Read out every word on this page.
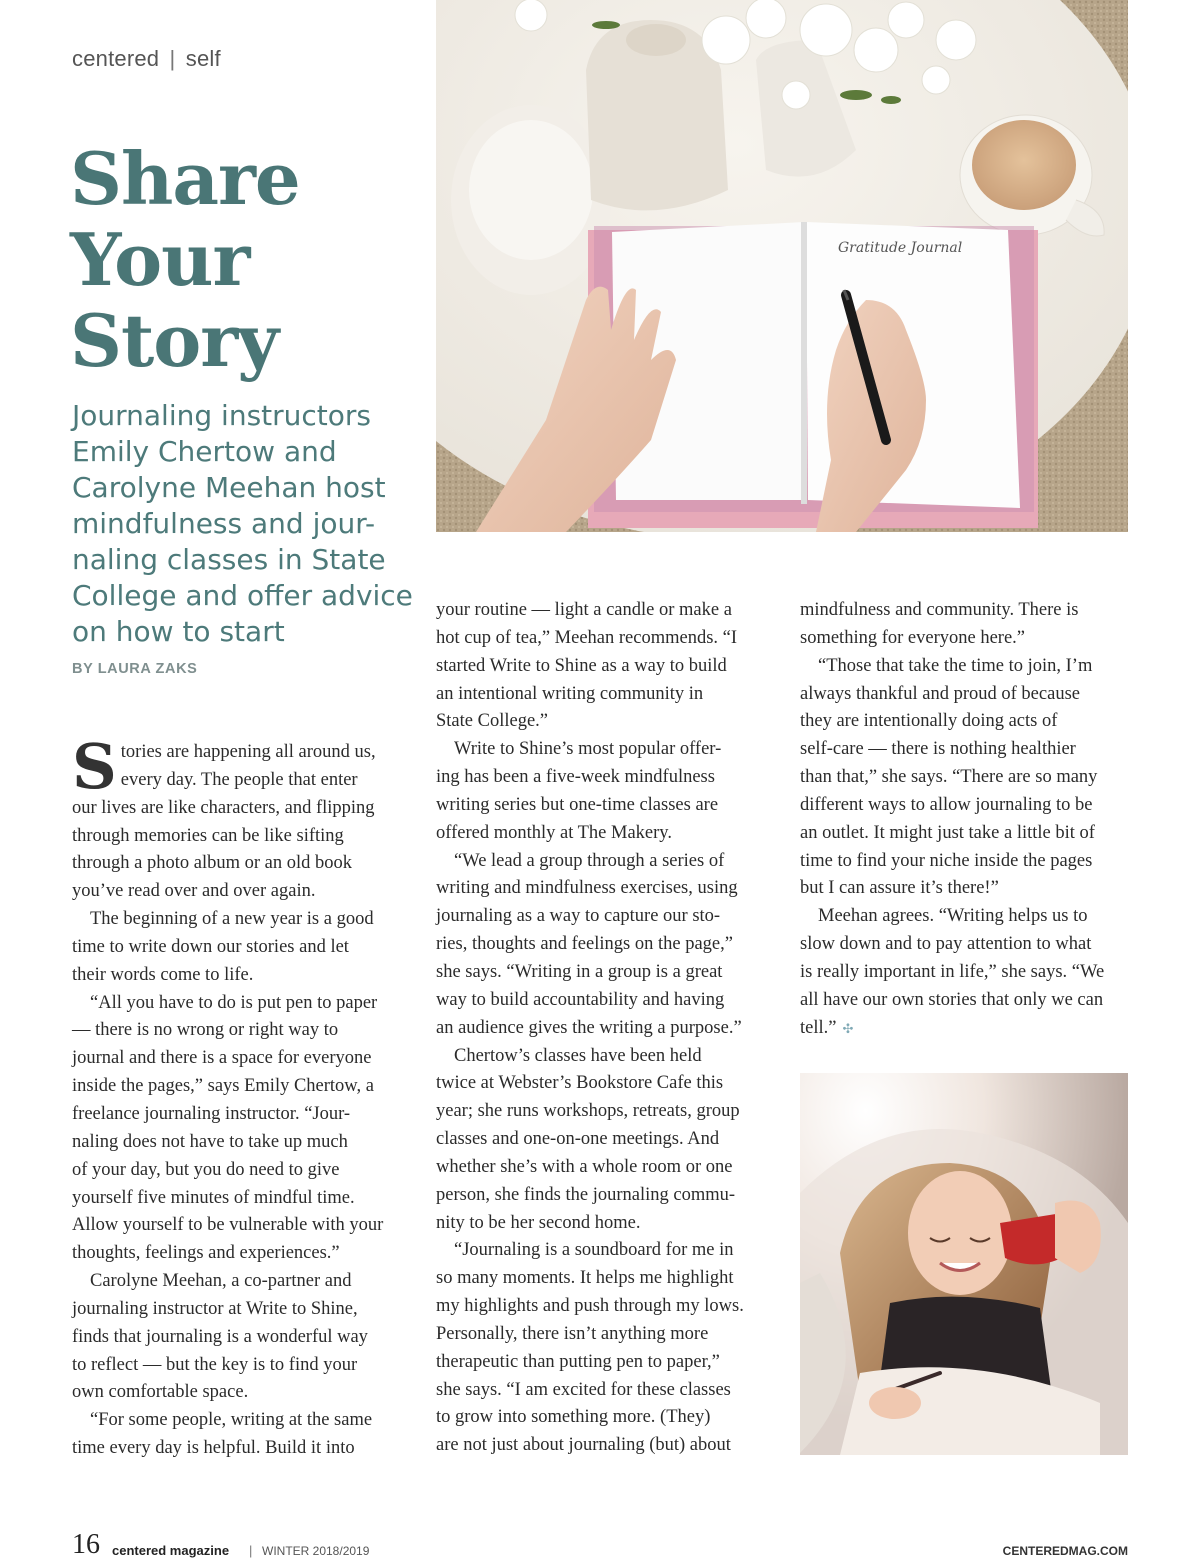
centered | self
Share
Your
Story
Journaling instructors
Emily Chertow and
Carolyne Meehan host
mindfulness and jour-
naling classes in State
College and offer advice
on how to start
BY LAURA ZAKS
Gratitude Journal
S tories are happening all around us,
every day. The people that enter
our lives are like characters, and flipping
through memories can be like sifting
through a photo album or an old book
you’ve read over and over again.
The beginning of a new year is a good
time to write down our stories and let
their words come to life.
“All you have to do is put pen to paper
— there is no wrong or right way to
journal and there is a space for everyone
inside the pages,” says Emily Chertow, a
freelance journaling instructor. “Jour-
naling does not have to take up much
of your day, but you do need to give
yourself five minutes of mindful time.
Allow yourself to be vulnerable with your
thoughts, feelings and experiences.”
Carolyne Meehan, a co-partner and
journaling instructor at Write to Shine,
finds that journaling is a wonderful way
to reflect — but the key is to find your
own comfortable space.
“For some people, writing at the same
time every day is helpful. Build it into
your routine — light a candle or make a
hot cup of tea,” Meehan recommends. “I
started Write to Shine as a way to build
an intentional writing community in
State College.”
Write to Shine’s most popular offer-
ing has been a five-week mindfulness
writing series but one-time classes are
offered monthly at The Makery.
“We lead a group through a series of
writing and mindfulness exercises, using
journaling as a way to capture our sto-
ries, thoughts and feelings on the page,”
she says. “Writing in a group is a great
way to build accountability and having
an audience gives the writing a purpose.”
Chertow’s classes have been held
twice at Webster’s Bookstore Cafe this
year; she runs workshops, retreats, group
classes and one-on-one meetings. And
whether she’s with a whole room or one
person, she finds the journaling commu-
nity to be her second home.
“Journaling is a soundboard for me in
so many moments. It helps me highlight
my highlights and push through my lows.
Personally, there isn’t anything more
therapeutic than putting pen to paper,”
she says. “I am excited for these classes
to grow into something more. (They)
are not just about journaling (but) about
mindfulness and community. There is
something for everyone here.”
“Those that take the time to join, I’m
always thankful and proud of because
they are intentionally doing acts of
self-care — there is nothing healthier
than that,” she says. “There are so many
different ways to allow journaling to be
an outlet. It might just take a little bit of
time to find your niche inside the pages
but I can assure it’s there!”
Meehan agrees. “Writing helps us to
slow down and to pay attention to what
is really important in life,” she says. “We
all have our own stories that only we can
tell.” ✣
16 centered magazine | WINTER 2018/2019	CENTEREDMAG.COM
